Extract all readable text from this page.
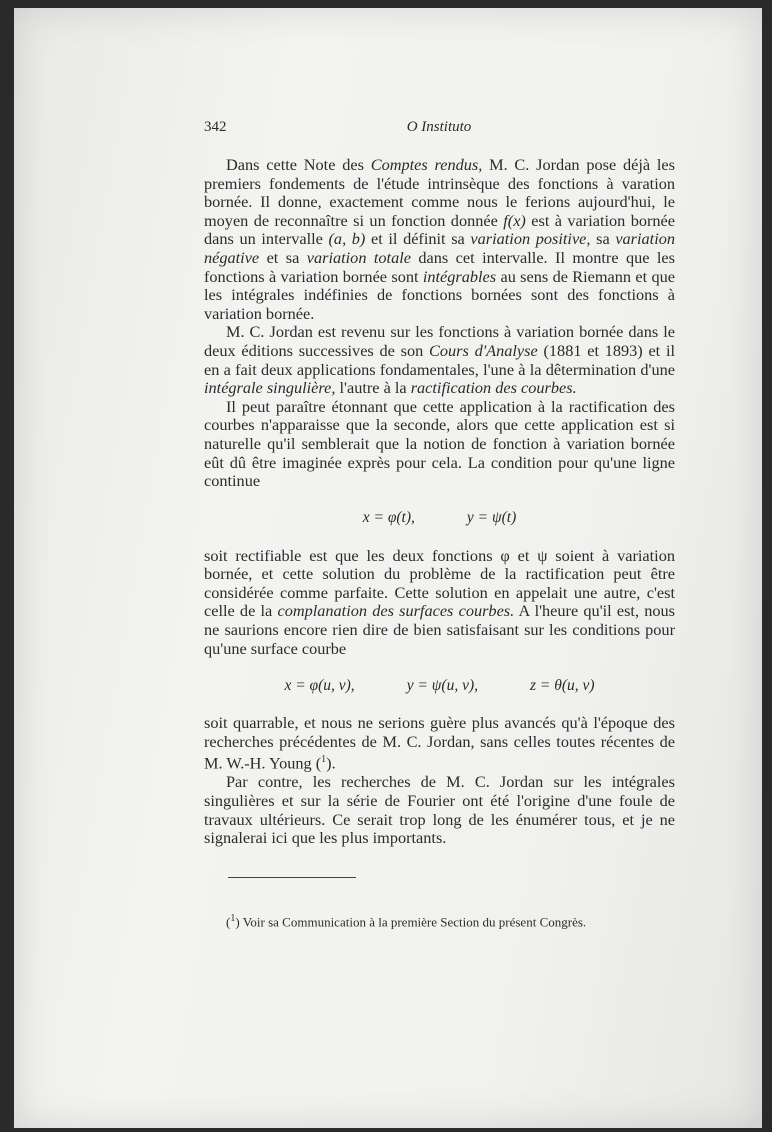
342	O Instituto

Dans cette Note des Comptes rendus, M. C. Jordan pose déjà les premiers fondements de l'étude intrinsèque des fonctions à varation bornée. Il donne, exactement comme nous le ferions aujourd'hui, le moyen de reconnaître si un fonction donnée f(x) est à variation bornée dans un intervalle (a, b) et il définit sa variation positive, sa variation négative et sa variation totale dans cet intervalle. Il montre que les fonctions à variation bornée sont intégrables au sens de Riemann et que les intégrales indéfinies de fonctions bornées sont des fonctions à variation bornée.

M. C. Jordan est revenu sur les fonctions à variation bornée dans le deux éditions successives de son Cours d'Analyse (1881 et 1893) et il en a fait deux applications fondamentales, l'une à la dêtermination d'une intégrale singulière, l'autre à la ractification des courbes.

Il peut paraître étonnant que cette application à la ractification des courbes n'apparaisse que la seconde, alors que cette application est si naturelle qu'il semblerait que la notion de fonction à variation bornée eût dû être imaginée exprès pour cela. La condition pour qu'une ligne continue

x = φ(t),	y = ψ(t)

soit rectifiable est que les deux fonctions φ et ψ soient à variation bornée, et cette solution du problème de la ractification peut être considérée comme parfaite. Cette solution en appelait une autre, c'est celle de la complanation des surfaces courbes. A l'heure qu'il est, nous ne saurions encore rien dire de bien satisfaisant sur les conditions pour qu'une surface courbe

x = φ(u, v),	y = ψ(u, v),	z = θ(u, v)

soit quarrable, et nous ne serions guère plus avancés qu'à l'époque des recherches précédentes de M. C. Jordan, sans celles toutes récentes de M. W.-H. Young ($^1$).

Par contre, les recherches de M. C. Jordan sur les intégrales singulières et sur la série de Fourier ont été l'origine d'une foule de travaux ultérieurs. Ce serait trop long de les énumérer tous, et je ne signalerai ici que les plus importants.

($^1$) Voir sa Communication à la première Section du présent Congrès.
